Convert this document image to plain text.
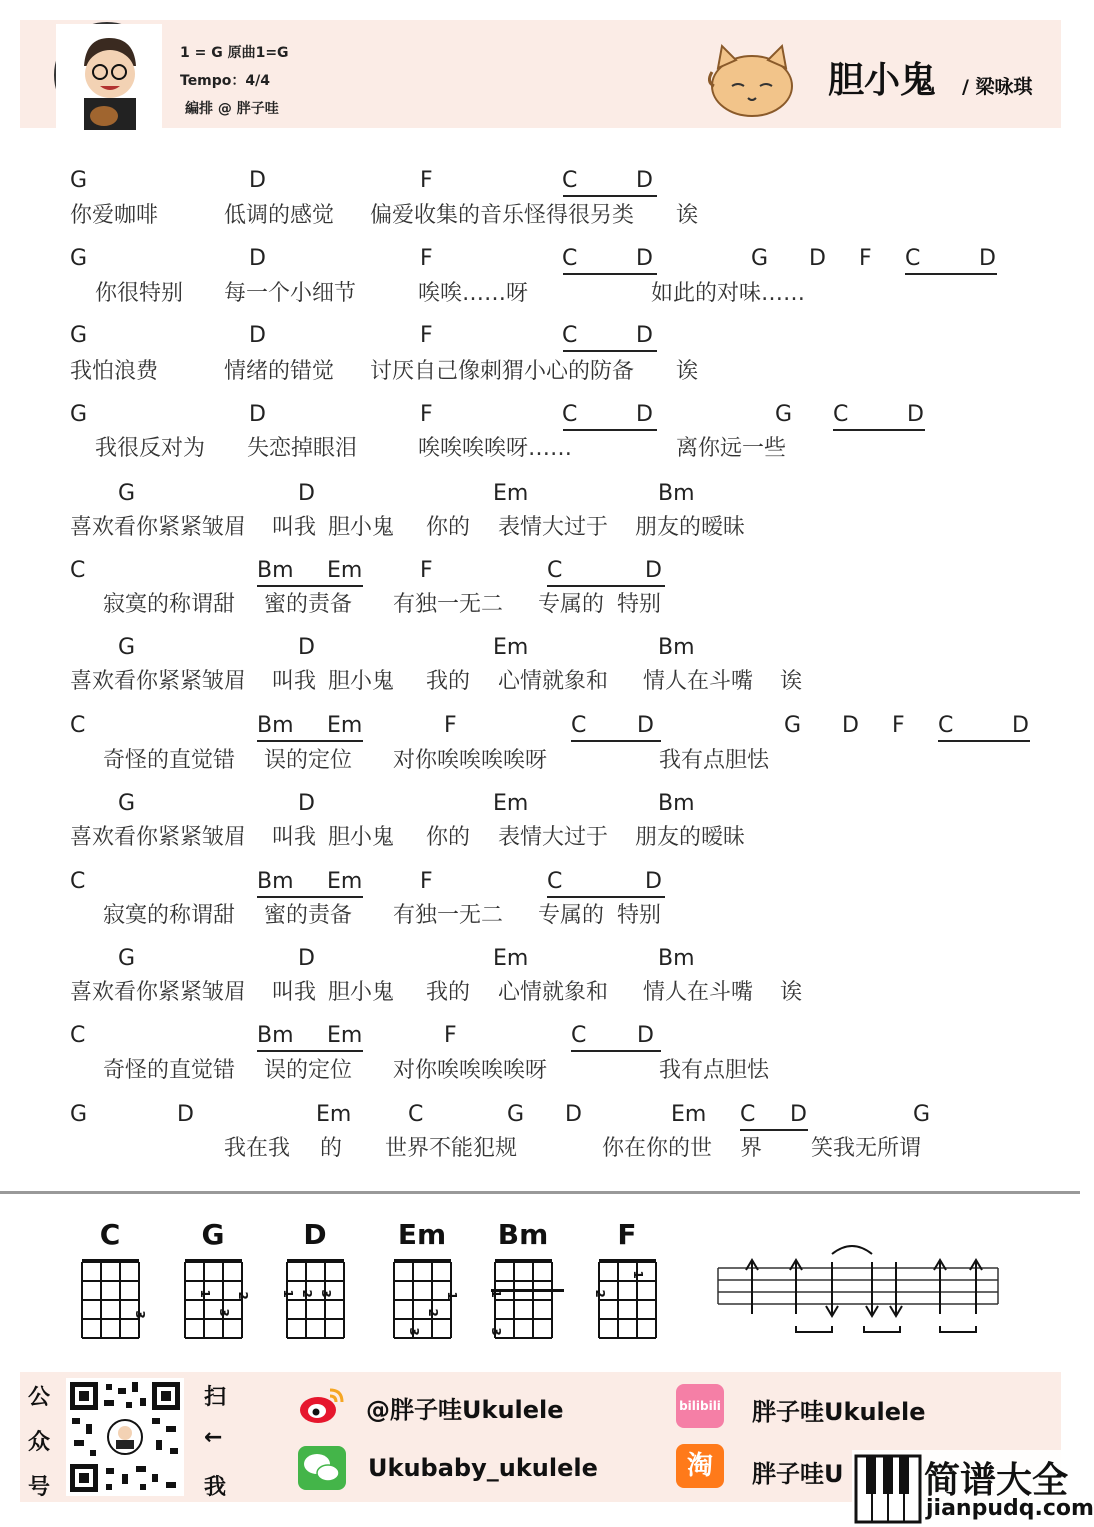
1 = G 原曲1=G
Tempo：4/4
編排 @ 胖子哇
胆小鬼 / 梁咏琪
G	D	F	C	D
你爱咖啡	低调的感觉 偏爱收集的音乐怪得很另类 诶
G	D	F	C	D	G D F C	D
你很特别 每一个小细节	唉唉……呀	如此的对味……
G	D	F	C	D
我怕浪费	情绪的错觉 讨厌自己像刺猬小心的防备 诶
G	D	F	C	D	G C	D
我很反对为 失恋掉眼泪	唉唉唉唉呀……	离你远一些
G	D	Em	Bm
喜欢看你紧紧皱眉 叫我 胆小鬼 你的 表情大过于 朋友的暧昧
C	Bm Em	F	C	D
寂寞的称谓甜 蜜的责备 有独一无二 专属的 特别
G	D	Em	Bm
喜欢看你紧紧皱眉 叫我 胆小鬼 我的 心情就象和 情人在斗嘴 诶
C	Bm Em	F	C D	G D F C	D
奇怪的直觉错 误的定位 对你唉唉唉唉呀	我有点胆怯
G	D	Em	Bm
喜欢看你紧紧皱眉 叫我 胆小鬼 你的 表情大过于 朋友的暧昧
C	Bm Em	F	C	D
寂寞的称谓甜 蜜的责备 有独一无二 专属的 特别
G	D	Em	Bm
喜欢看你紧紧皱眉 叫我 胆小鬼 我的 心情就象和 情人在斗嘴 诶
C	Bm Em	F	C D
奇怪的直觉错 误的定位 对你唉唉唉唉呀	我有点胆怯
G	D	Em	C	G D	Em C D	G
我在我 的 世界不能犯规	你在你的世 界 笑我无所谓
C
3
G
1 2
3
D
1 2 3
Em
1
2
3
Bm
1
3
F
1
2
公
众
号
扫
←
我
@胖子哇Ukulele
Ukubaby_ukulele
bilibili 胖子哇Ukulele
淘	胖子哇U 简谱大全
jianpudq.com
